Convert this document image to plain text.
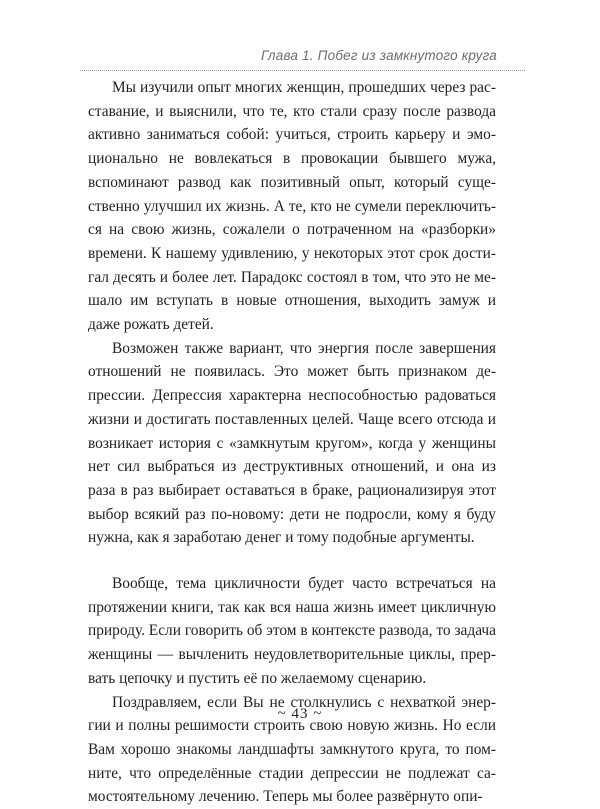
Глава 1. Побег из замкнутого круга

Мы изучили опыт многих женщин, прошедших через расставание, и выяснили, что те, кто стали сразу после развода активно заниматься собой: учиться, строить карьеру и эмоционально не вовлекаться в провокации бывшего мужа, вспоминают развод как позитивный опыт, который существенно улучшил их жизнь. А те, кто не сумели переключиться на свою жизнь, сожалели о потраченном на «разборки» времени. К нашему удивлению, у некоторых этот срок достигал десять и более лет. Парадокс состоял в том, что это не мешало им вступать в новые отношения, выходить замуж и даже рожать детей.

Возможен также вариант, что энергия после завершения отношений не появилась. Это может быть признаком депрессии. Депрессия характерна неспособностью радоваться жизни и достигать поставленных целей. Чаще всего отсюда и возникает история с «замкнутым кругом», когда у женщины нет сил выбраться из деструктивных отношений, и она из раза в раз выбирает оставаться в браке, рационализируя этот выбор всякий раз по-новому: дети не подросли, кому я буду нужна, как я заработаю денег и тому подобные аргументы.

Вообще, тема цикличности будет часто встречаться на протяжении книги, так как вся наша жизнь имеет цикличную природу. Если говорить об этом в контексте развода, то задача женщины — вычленить неудовлетворительные циклы, прервать цепочку и пустить её по желаемому сценарию.

Поздравляем, если Вы не столкнулись с нехваткой энергии и полны решимости строить свою новую жизнь. Но если Вам хорошо знакомы ландшафты замкнутого круга, то помните, что определённые стадии депрессии не подлежат самостоятельному лечению. Теперь мы более развёрнуто опи-

~ 43 ~
